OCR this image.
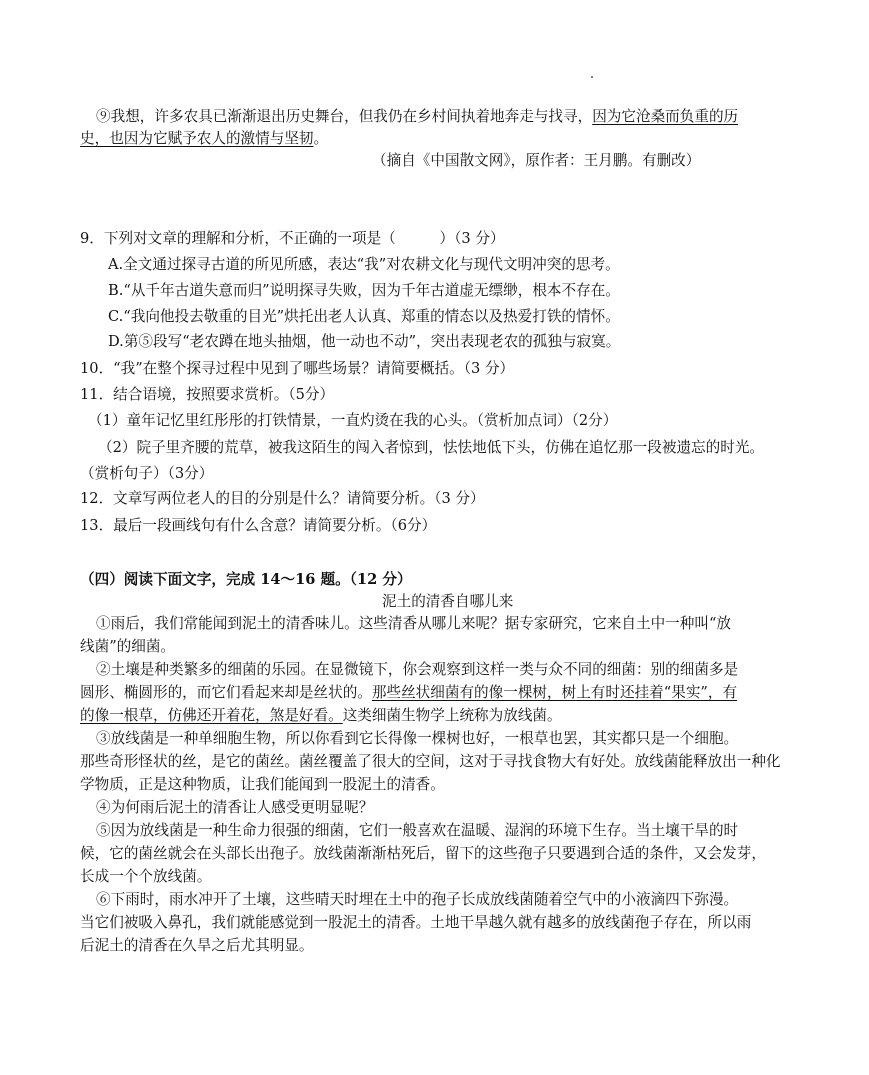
⑨我想，许多农具已渐渐退出历史舞台，但我仍在乡村间执着地奔走与找寻，因为它沧桑而负重的历
史，也因为它赋予农人的激情与坚韧。
（摘自《中国散文网》，原作者：王月鹏。有删改）
9．下列对文章的理解和分析，不正确的一项是（　　　）（3 分）
A.全文通过探寻古道的所见所感，表达“我”对农耕文化与现代文明冲突的思考。
B.“从千年古道失意而归”说明探寻失败，因为千年古道虚无缥缈，根本不存在。
C.“我向他投去敬重的目光”烘托出老人认真、郑重的情态以及热爱打铁的情怀。
D.第⑤段写“老农蹲在地头抽烟，他一动也不动”，突出表现老农的孤独与寂寞。
10．“我”在整个探寻过程中见到了哪些场景？请简要概括。（3 分）
11．结合语境，按照要求赏析。（5分）
（1）童年记忆里红彤彤的打铁情景，一直灼烫在我的心头。（赏析加点词）（2分）
（2）院子里齐腰的荒草，被我这陌生的闯入者惊到，怯怯地低下头，仿佛在追忆那一段被遗忘的时光。
（赏析句子）（3分）
12．文章写两位老人的目的分别是什么？请简要分析。（3 分）
13．最后一段画线句有什么含意？请简要分析。（6分）
（四）阅读下面文字，完成 14～16 题。（12 分）
泥土的清香自哪儿来
①雨后，我们常能闻到泥土的清香味儿。这些清香从哪儿来呢？据专家研究，它来自土中一种叫“放
线菌”的细菌。
②土壤是种类繁多的细菌的乐园。在显微镜下，你会观察到这样一类与众不同的细菌：别的细菌多是
圆形、椭圆形的，而它们看起来却是丝状的。那些丝状细菌有的像一棵树，树上有时还挂着“果实”，有
的像一根草，仿佛还开着花，煞是好看。这类细菌生物学上统称为放线菌。
③放线菌是一种单细胞生物，所以你看到它长得像一棵树也好，一根草也罢，其实都只是一个细胞。
那些奇形怪状的丝，是它的菌丝。菌丝覆盖了很大的空间，这对于寻找食物大有好处。放线菌能释放出一种化
学物质，正是这种物质，让我们能闻到一股泥土的清香。
④为何雨后泥土的清香让人感受更明显呢？
⑤因为放线菌是一种生命力很强的细菌，它们一般喜欢在温暖、湿润的环境下生存。当土壤干旱的时
候，它的菌丝就会在头部长出孢子。放线菌渐渐枯死后，留下的这些孢子只要遇到合适的条件，又会发芽，
长成一个个放线菌。
⑥下雨时，雨水冲开了土壤，这些晴天时埋在土中的孢子长成放线菌随着空气中的小液滴四下弥漫。
当它们被吸入鼻孔，我们就能感觉到一股泥土的清香。土地干旱越久就有越多的放线菌孢子存在，所以雨
后泥土的清香在久旱之后尤其明显。
